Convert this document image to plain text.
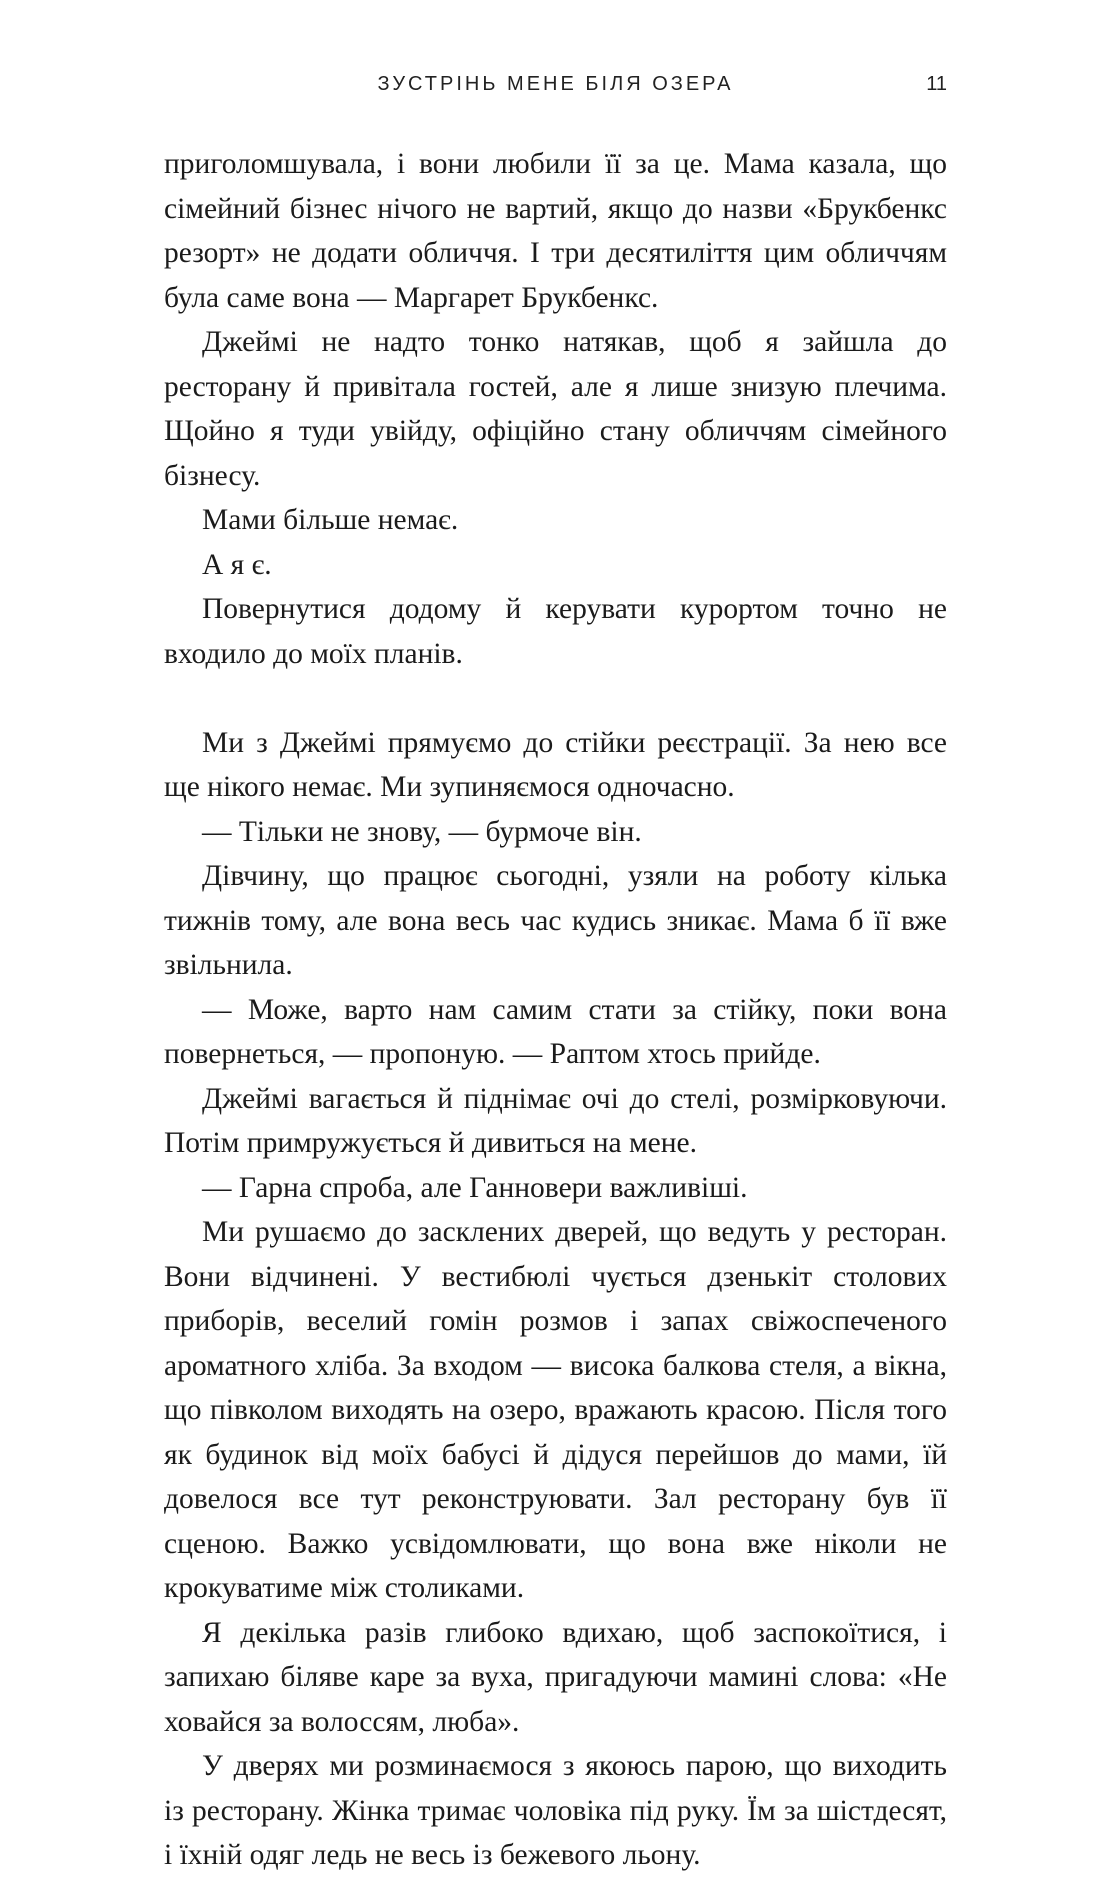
ЗУСТРІНЬ МЕНЕ БІЛЯ ОЗЕРА	11

приголомшувала, і вони любили її за це. Мама казала, що сімейний бізнес нічого не вартий, якщо до назви «Брукбенкс резорт» не додати обличчя. І три десятиліття цим обличчям була саме вона — Маргарет Брукбенкс.

Джеймі не надто тонко натякав, щоб я зайшла до ресторану й привітала гостей, але я лише знизую плечима. Щойно я туди увійду, офіційно стану обличчям сімейного бізнесу.

Мами більше немає.

А я є.

Повернутися додому й керувати курортом точно не входило до моїх планів.

Ми з Джеймі прямуємо до стійки реєстрації. За нею все ще нікого немає. Ми зупиняємося одночасно.

— Тільки не знову, — бурмоче він.

Дівчину, що працює сьогодні, узяли на роботу кілька тижнів тому, але вона весь час кудись зникає. Мама б її вже звільнила.

— Може, варто нам самим стати за стійку, поки вона повернеться, — пропоную. — Раптом хтось прийде.

Джеймі вагається й піднімає очі до стелі, розмірковуючи. Потім примружується й дивиться на мене.

— Гарна спроба, але Ганновери важливіші.

Ми рушаємо до засклених дверей, що ведуть у ресторан. Вони відчинені. У вестибюлі чується дзенькіт столових приборів, веселий гомін розмов і запах свіжоспеченого ароматного хліба. За входом — висока балкова стеля, а вікна, що півколом виходять на озеро, вражають красою. Після того як будинок від моїх бабусі й дідуся перейшов до мами, їй довелося все тут реконструювати. Зал ресторану був її сценою. Важко усвідомлювати, що вона вже ніколи не крокуватиме між столиками.

Я декілька разів глибоко вдихаю, щоб заспокоїтися, і запихаю біляве каре за вуха, пригадуючи мамині слова: «Не ховайся за волоссям, люба».

У дверях ми розминаємося з якоюсь парою, що виходить із ресторану. Жінка тримає чоловіка під руку. Їм за шістдесят, і їхній одяг ледь не весь із бежевого льону.
